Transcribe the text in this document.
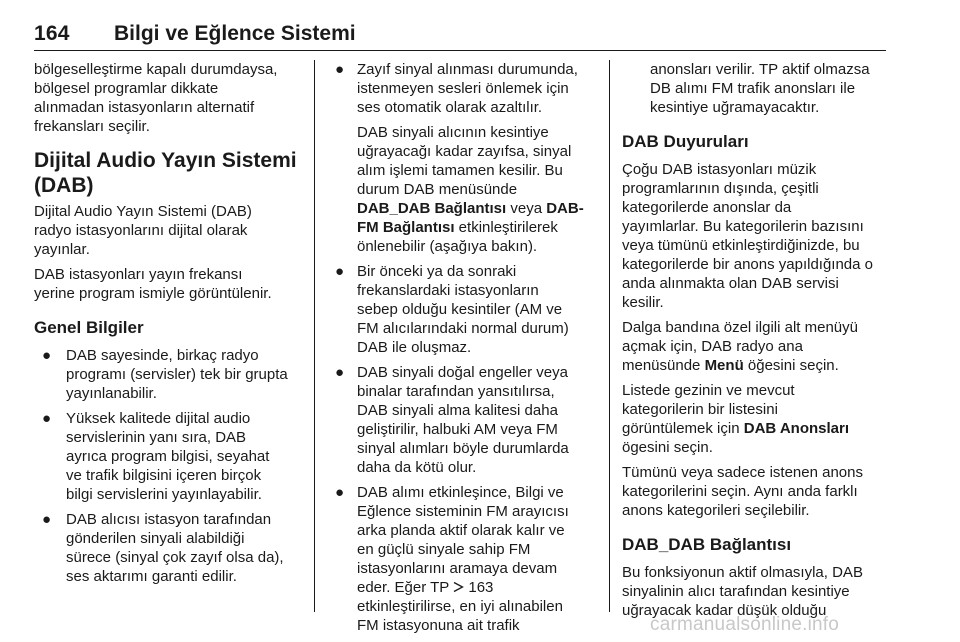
164 Bilgi ve Eğlence Sistemi

bölgeselleştirme kapalı durumdaysa,
bölgesel programlar dikkate
alınmadan istasyonların alternatif
frekansları seçilir.

Dijital Audio Yayın Sistemi
(DAB)

Dijital Audio Yayın Sistemi (DAB)
radyo istasyonlarını dijital olarak
yayınlar.

DAB istasyonları yayın frekansı
yerine program ismiyle görüntülenir.

Genel Bilgiler
● DAB sayesinde, birkaç radyo
programı (servisler) tek bir grupta
yayınlanabilir.
● Yüksek kalitede dijital audio
servislerinin yanı sıra, DAB
ayrıca program bilgisi, seyahat
ve trafik bilgisini içeren birçok
bilgi servislerini yayınlayabilir.
● DAB alıcısı istasyon tarafından
gönderilen sinyali alabildiği
sürece (sinyal çok zayıf olsa da),
ses aktarımı garanti edilir.
● Zayıf sinyal alınması durumunda,
istenmeyen sesleri önlemek için
ses otomatik olarak azaltılır.
DAB sinyali alıcının kesintiye
uğrayacağı kadar zayıfsa, sinyal
alım işlemi tamamen kesilir. Bu
durum DAB menüsünde
DAB_DAB Bağlantısı veya DAB-
FM Bağlantısı etkinleştirilerek
önlenebilir (aşağıya bakın).
● Bir önceki ya da sonraki
frekanslardaki istasyonların
sebep olduğu kesintiler (AM ve
FM alıcılarındaki normal durum)
DAB ile oluşmaz.
● DAB sinyali doğal engeller veya
binalar tarafından yansıtılırsa,
DAB sinyali alma kalitesi daha
geliştirilir, halbuki AM veya FM
sinyal alımları böyle durumlarda
daha da kötü olur.
● DAB alımı etkinleşince, Bilgi ve
Eğlence sisteminin FM arayıcısı
arka planda aktif olarak kalır ve
en güçlü sinyale sahip FM
istasyonlarını aramaya devam
eder. Eğer TP 163
etkinleştirilirse, en iyi alınabilen
FM istasyonuna ait trafik
anonsları verilir. TP aktif olmazsa
DB alımı FM trafik anonsları ile
kesintiye uğramayacaktır.
DAB Duyuruları

Çoğu DAB istasyonları müzik
programlarının dışında, çeşitli
kategorilerde anonslar da
yayımlarlar. Bu kategorilerin bazısını
veya tümünü etkinleştirdiğinizde, bu
kategorilerde bir anons yapıldığında o
anda alınmakta olan DAB servisi
kesilir.

Dalga bandına özel ilgili alt menüyü
açmak için, DAB radyo ana
menüsünde Menü öğesini seçin.

Listede gezinin ve mevcut
kategorilerin bir listesini
görüntülemek için DAB Anonsları
ögesini seçin.

Tümünü veya sadece istenen anons
kategorilerini seçin. Aynı anda farklı
anons kategorileri seçilebilir.

DAB_DAB Bağlantısı

Bu fonksiyonun aktif olmasıyla, DAB
sinyalinin alıcı tarafından kesintiye
uğrayacak kadar düşük olduğu

carmanualsonline.info
